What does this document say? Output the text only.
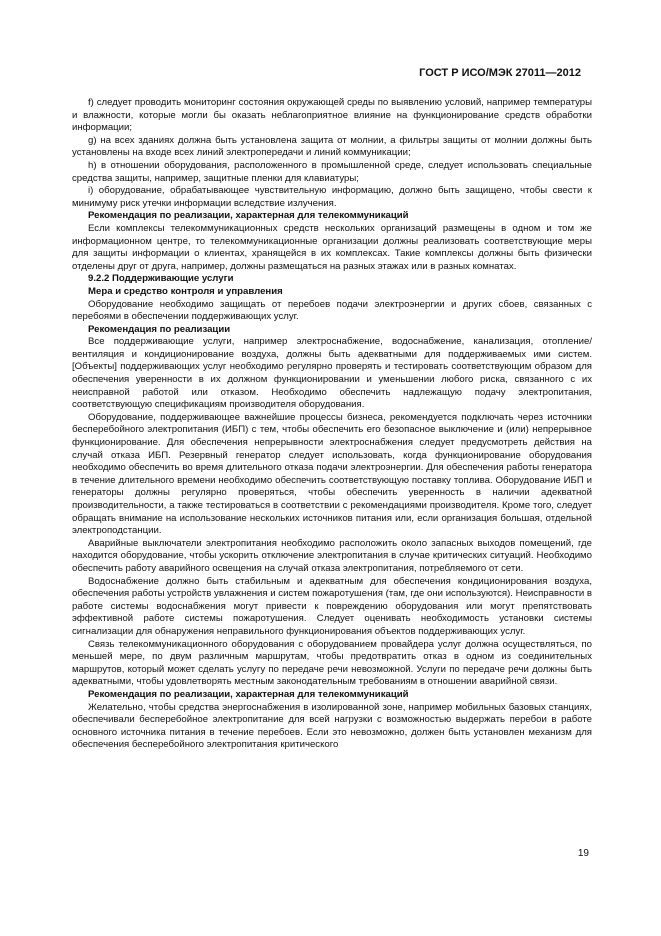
ГОСТ Р ИСО/МЭК 27011—2012

f) следует проводить мониторинг состояния окружающей среды по выявлению условий, например температуры и влажности, которые могли бы оказать неблагоприятное влияние на функционирование средств обработки информации;

g) на всех зданиях должна быть установлена защита от молнии, а фильтры защиты от молнии должны быть установлены на входе всех линий электропередачи и линий коммуникации;

h) в отношении оборудования, расположенного в промышленной среде, следует использовать специальные средства защиты, например, защитные пленки для клавиатуры;

i) оборудование, обрабатывающее чувствительную информацию, должно быть защищено, чтобы свести к минимуму риск утечки информации вследствие излучения.

Рекомендация по реализации, характерная для телекоммуникаций

Если комплексы телекоммуникационных средств нескольких организаций размещены в одном и том же информационном центре, то телекоммуникационные организации должны реализовать соответствующие меры для защиты информации о клиентах, хранящейся в их комплексах. Такие комплексы должны быть физически отделены друг от друга, например, должны размещаться на разных этажах или в разных комнатах.

9.2.2 Поддерживающие услуги

Мера и средство контроля и управления

Оборудование необходимо защищать от перебоев подачи электроэнергии и других сбоев, связанных с перебоями в обеспечении поддерживающих услуг.

Рекомендация по реализации

Все поддерживающие услуги, например электроснабжение, водоснабжение, канализация, отопление/вентиляция и кондиционирование воздуха, должны быть адекватными для поддерживаемых ими систем. [Объекты] поддерживающих услуг необходимо регулярно проверять и тестировать соответствующим образом для обеспечения уверенности в их должном функционировании и уменьшении любого риска, связанного с их неисправной работой или отказом. Необходимо обеспечить надлежащую подачу электропитания, соответствующую спецификациям производителя оборудования.

Оборудование, поддерживающее важнейшие процессы бизнеса, рекомендуется подключать через источники бесперебойного электропитания (ИБП) с тем, чтобы обеспечить его безопасное выключение и (или) непрерывное функционирование. Для обеспечения непрерывности электроснабжения следует предусмотреть действия на случай отказа ИБП. Резервный генератор следует использовать, когда функционирование оборудования необходимо обеспечить во время длительного отказа подачи электроэнергии. Для обеспечения работы генератора в течение длительного времени необходимо обеспечить соответствующую поставку топлива. Оборудование ИБП и генераторы должны регулярно проверяться, чтобы обеспечить уверенность в наличии адекватной производительности, а также тестироваться в соответствии с рекомендациями производителя. Кроме того, следует обращать внимание на использование нескольких источников питания или, если организация большая, отдельной электроподстанции.

Аварийные выключатели электропитания необходимо расположить около запасных выходов помещений, где находится оборудование, чтобы ускорить отключение электропитания в случае критических ситуаций. Необходимо обеспечить работу аварийного освещения на случай отказа электропитания, потребляемого от сети.

Водоснабжение должно быть стабильным и адекватным для обеспечения кондиционирования воздуха, обеспечения работы устройств увлажнения и систем пожаротушения (там, где они используются). Неисправности в работе системы водоснабжения могут привести к повреждению оборудования или могут препятствовать эффективной работе системы пожаротушения. Следует оценивать необходимость установки системы сигнализации для обнаружения неправильного функционирования объектов поддерживающих услуг.

Связь телекоммуникационного оборудования с оборудованием провайдера услуг должна осуществляться, по меньшей мере, по двум различным маршрутам, чтобы предотвратить отказ в одном из соединительных маршрутов, который может сделать услугу по передаче речи невозможной. Услуги по передаче речи должны быть адекватными, чтобы удовлетворять местным законодательным требованиям в отношении аварийной связи.

Рекомендация по реализации, характерная для телекоммуникаций

Желательно, чтобы средства энергоснабжения в изолированной зоне, например мобильных базовых станциях, обеспечивали бесперебойное электропитание для всей нагрузки с возможностью выдержать перебои в работе основного источника питания в течение перебоев. Если это невозможно, должен быть установлен механизм для обеспечения бесперебойного электропитания критического

19
